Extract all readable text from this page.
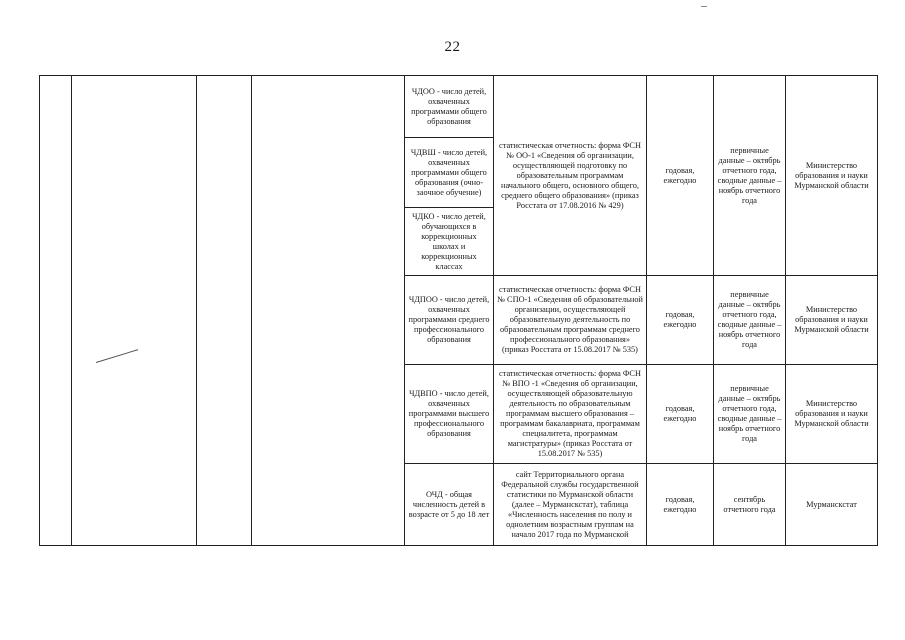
22
				ЧДОО - число детей, охваченных программами общего образования	статистическая отчетность: форма ФСН № ОО-1 «Сведения об организации, осуществляющей подготовку по образовательным программам начального общего, основного общего, среднего общего образования» (приказ Росстата от 17.08.2016 № 429)	годовая, ежегодно	первичные данные – октябрь отчетного года, сводные данные – ноябрь отчетного года	Министерство образования и науки Мурманской области
				ЧДВШ - число детей, охваченных программами общего образования (очно-заочное обучение)				
				ЧДКО - число детей, обучающихся в коррекционных школах и коррекционных классах				
				ЧДПОО - число детей, охваченных программами среднего профессионального образования	статистическая отчетность: форма ФСН № СПО-1 «Сведения об образовательной организации, осуществляющей образовательную деятельность по образовательным программам среднего профессионального образования» (приказ Росстата от 15.08.2017 № 535)	годовая, ежегодно	первичные данные – октябрь отчетного года, сводные данные – ноябрь отчетного года	Министерство образования и науки Мурманской области
				ЧДВПО - число детей, охваченных программами высшего профессионального образования	статистическая отчетность: форма ФСН № ВПО -1 «Сведения об организации, осуществляющей образовательную деятельность по образовательным программам высшего образования – программам бакалавриата, программам специалитета, программам магистратуры» (приказ Росстата от 15.08.2017 № 535)	годовая, ежегодно	первичные данные – октябрь отчетного года, сводные данные – ноябрь отчетного года	Министерство образования и науки Мурманской области
				ОЧД - общая численность детей в возрасте от 5 до 18 лет	сайт Территориального органа Федеральной службы государственной статистики по Мурманской области (далее – Мурманскстат), таблица «Численность населения по полу и однолетним возрастным группам на начало 2017 года по Мурманской	годовая, ежегодно	сентябрь отчетного года	Мурманскстат
